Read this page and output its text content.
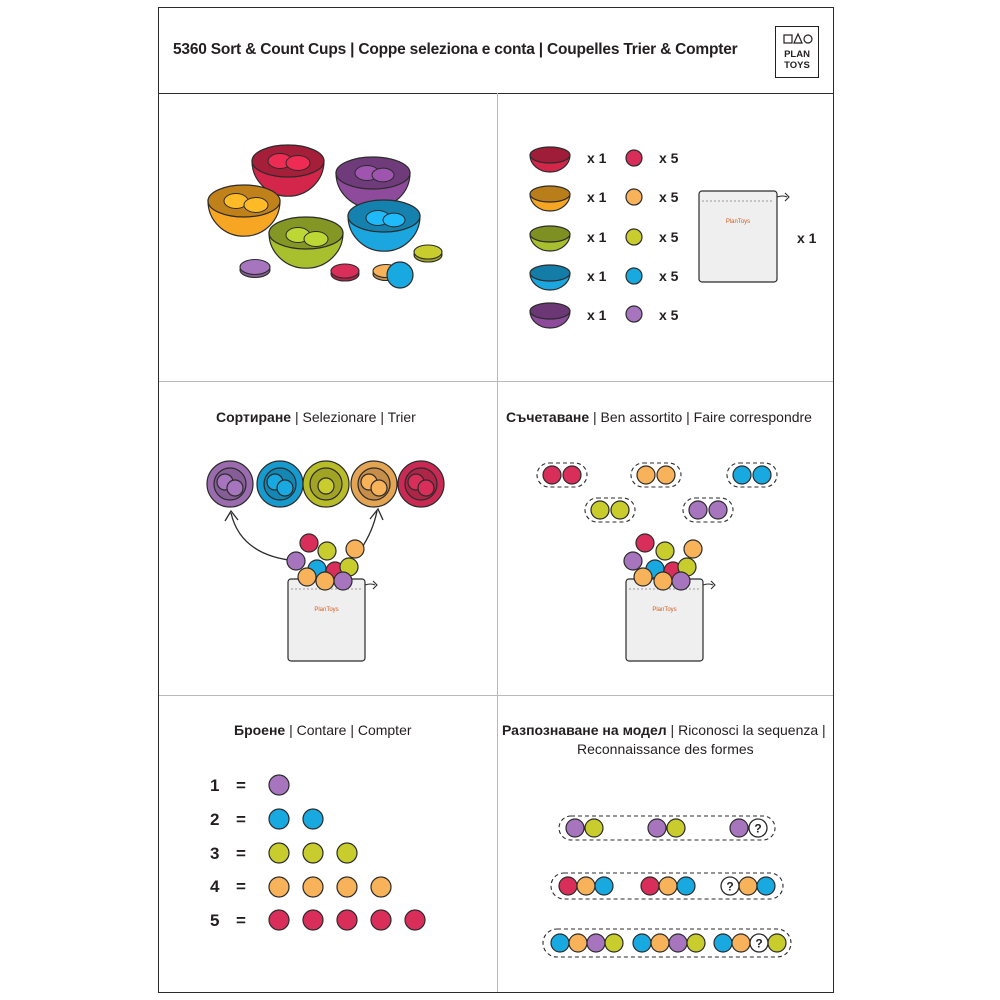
5360 Sort & Count Cups | Coppe seleziona e conta | Coupelles Trier & Compter	PLAN
TOYS
Сортиране | Selezionare | Trier	Съчетаване | Ben assortito | Faire correspondre
Броене | Contare | Compter	Разпознаване на модел | Riconosci la sequenza |
Reconnaissance des formes
x 1	x 5
x 1	x 5
x 1	x 5
x 1	x 5
x 1	x 5
x 1
1 =
2 =
3 =
4 =
5 =
PlanToys
PlanToys	PlanToys
?
?
?
